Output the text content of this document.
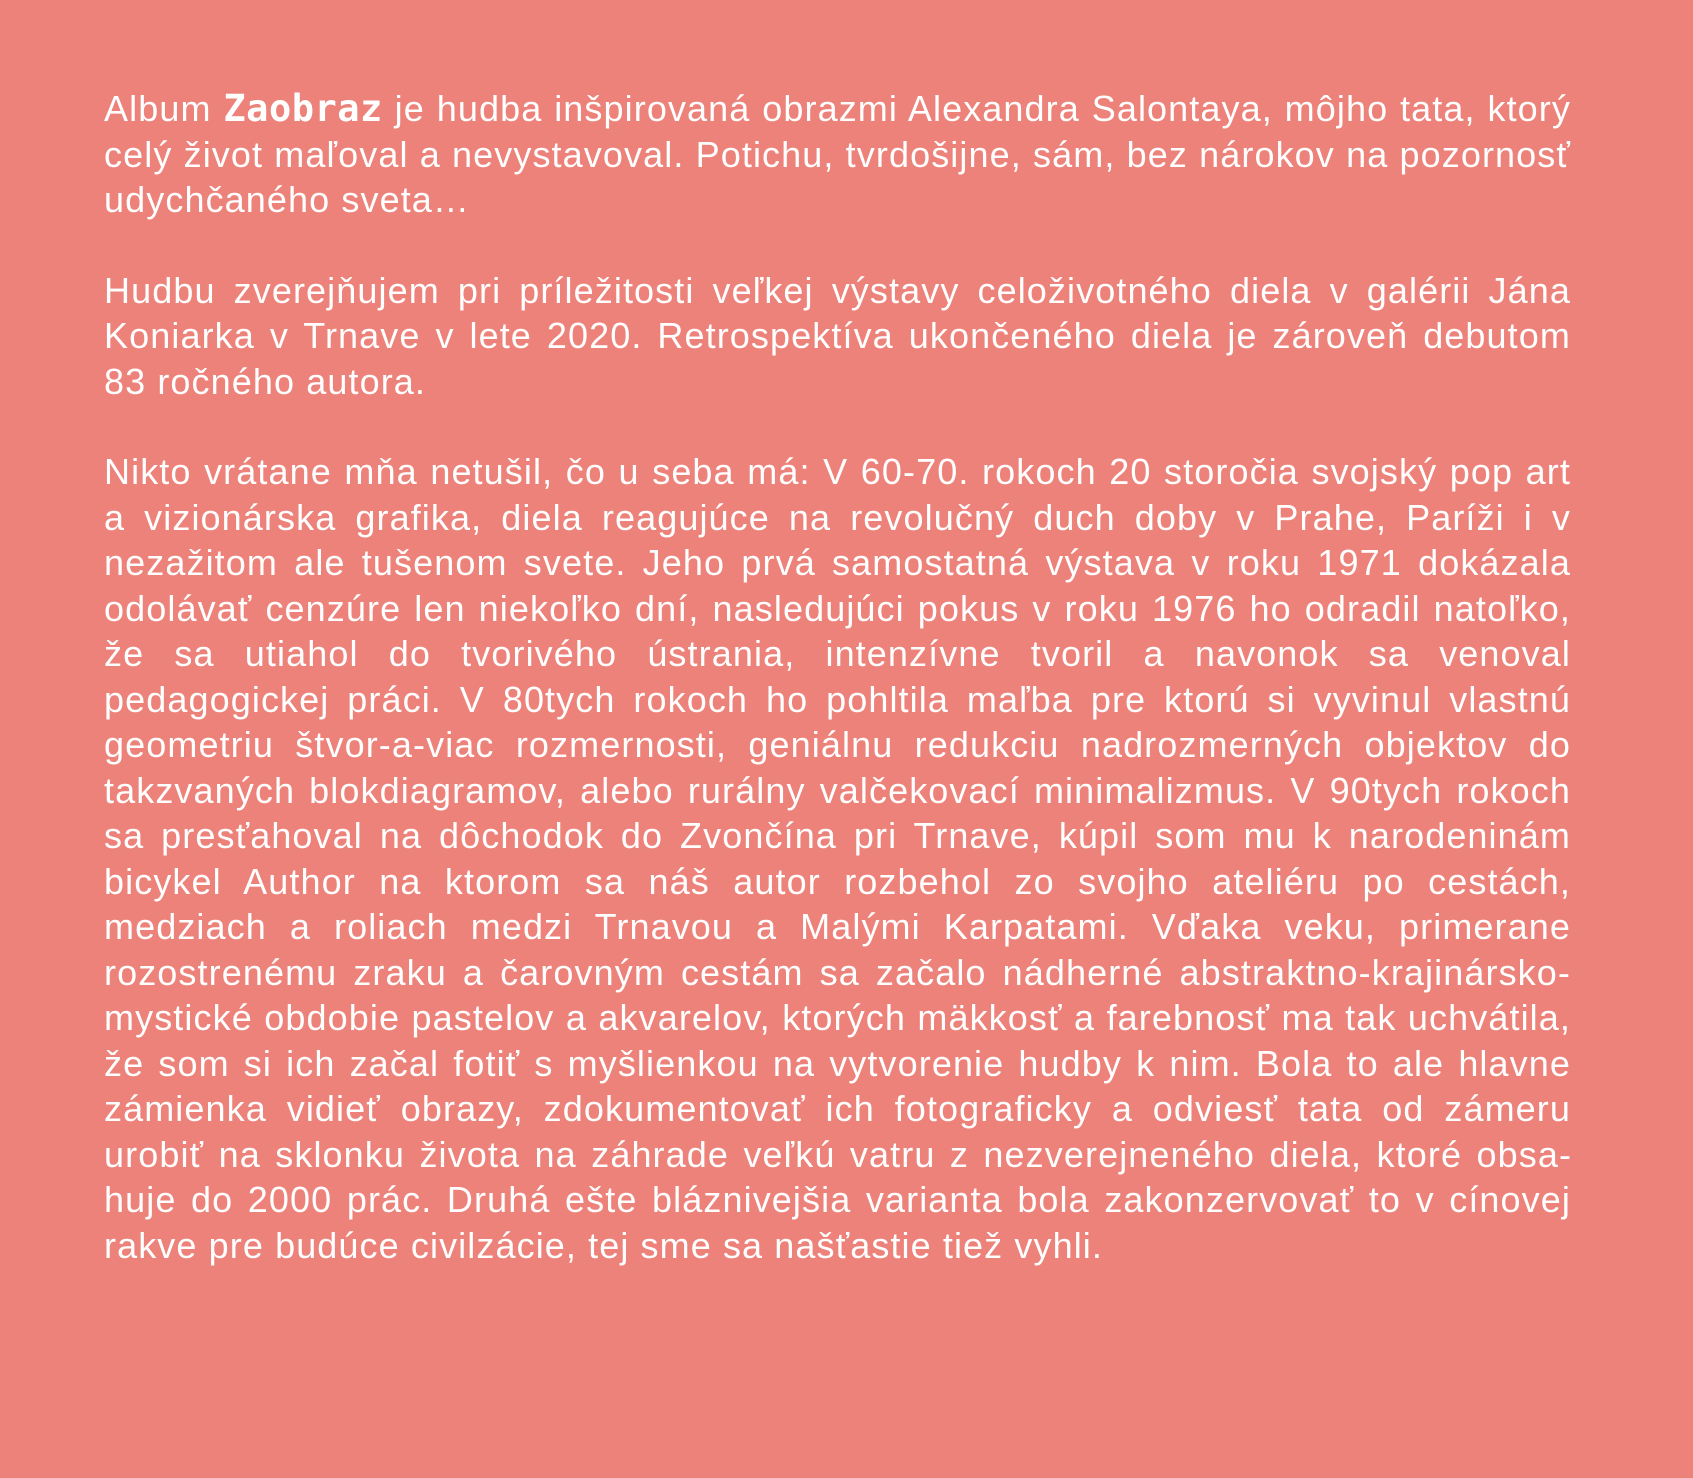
Album Zaobraz je hudba inšpirovaná obrazmi Alexandra Salontaya, môjho tata, ktorý celý život maľoval a nevystavoval. Potichu, tvrdošijne, sám, bez nárokov na pozornosť udychčaného sveta…

Hudbu zverejňujem pri príležitosti veľkej výstavy celoživotného diela v galérii Jána Koniarka v Trnave v lete 2020. Retrospektíva ukončeného diela je zároveň debutom 83 ročného autora.

Nikto vrátane mňa netušil, čo u seba má: V 60-70. rokoch 20 storočia svojský pop art a vizionárska grafika, diela reagujúce na revolučný duch doby v Prahe, Paríži i v nezažitom ale tušenom svete. Jeho prvá samostatná výstava v roku 1971 dokázala odolávať cenzúre len niekoľko dní, nasledujúci pokus v roku 1976 ho odradil natoľko, že sa utiahol do tvorivého ústrania, intenzívne tvoril a navonok sa venoval pedagogickej práci. V 80tych rokoch ho pohltila maľba pre ktorú si vyvinul vlastnú geometriu štvor-a-viac rozmernosti, geniálnu redukciu nadrozmerných objektov do takzvaných blokdiagramov, alebo rurálny valčekovací minimalizmus. V 90tych rokoch sa presťahoval na dôchodok do Zvončína pri Trnave, kúpil som mu k narodeninám bicykel Author na ktorom sa náš autor rozbehol zo svojho ateliéru po cestách, medziach a roliach medzi Trnavou a Malými Karpatami. Vďaka veku, primerane rozostrenému zraku a čarovným cestám sa začalo nádherné abstraktno-krajinársko-mystické obdobie pastelov a akvarelov, ktorých mäkkosť a farebnosť ma tak uchvátila, že som si ich začal fotiť s myšlienkou na vytvorenie hudby k nim. Bola to ale hlavne zámienka vidieť obrazy, zdokumentovať ich fotograficky a odviesť tata od zámeru urobiť na sklonku života na záhrade veľkú vatru z nezverejneného diela, ktoré obsahuje do 2000 prác. Druhá ešte bláznivejšia varianta bola zakonzervovať to v cínovej rakve pre budúce civilzácie, tej sme sa našťastie tiež vyhli.
